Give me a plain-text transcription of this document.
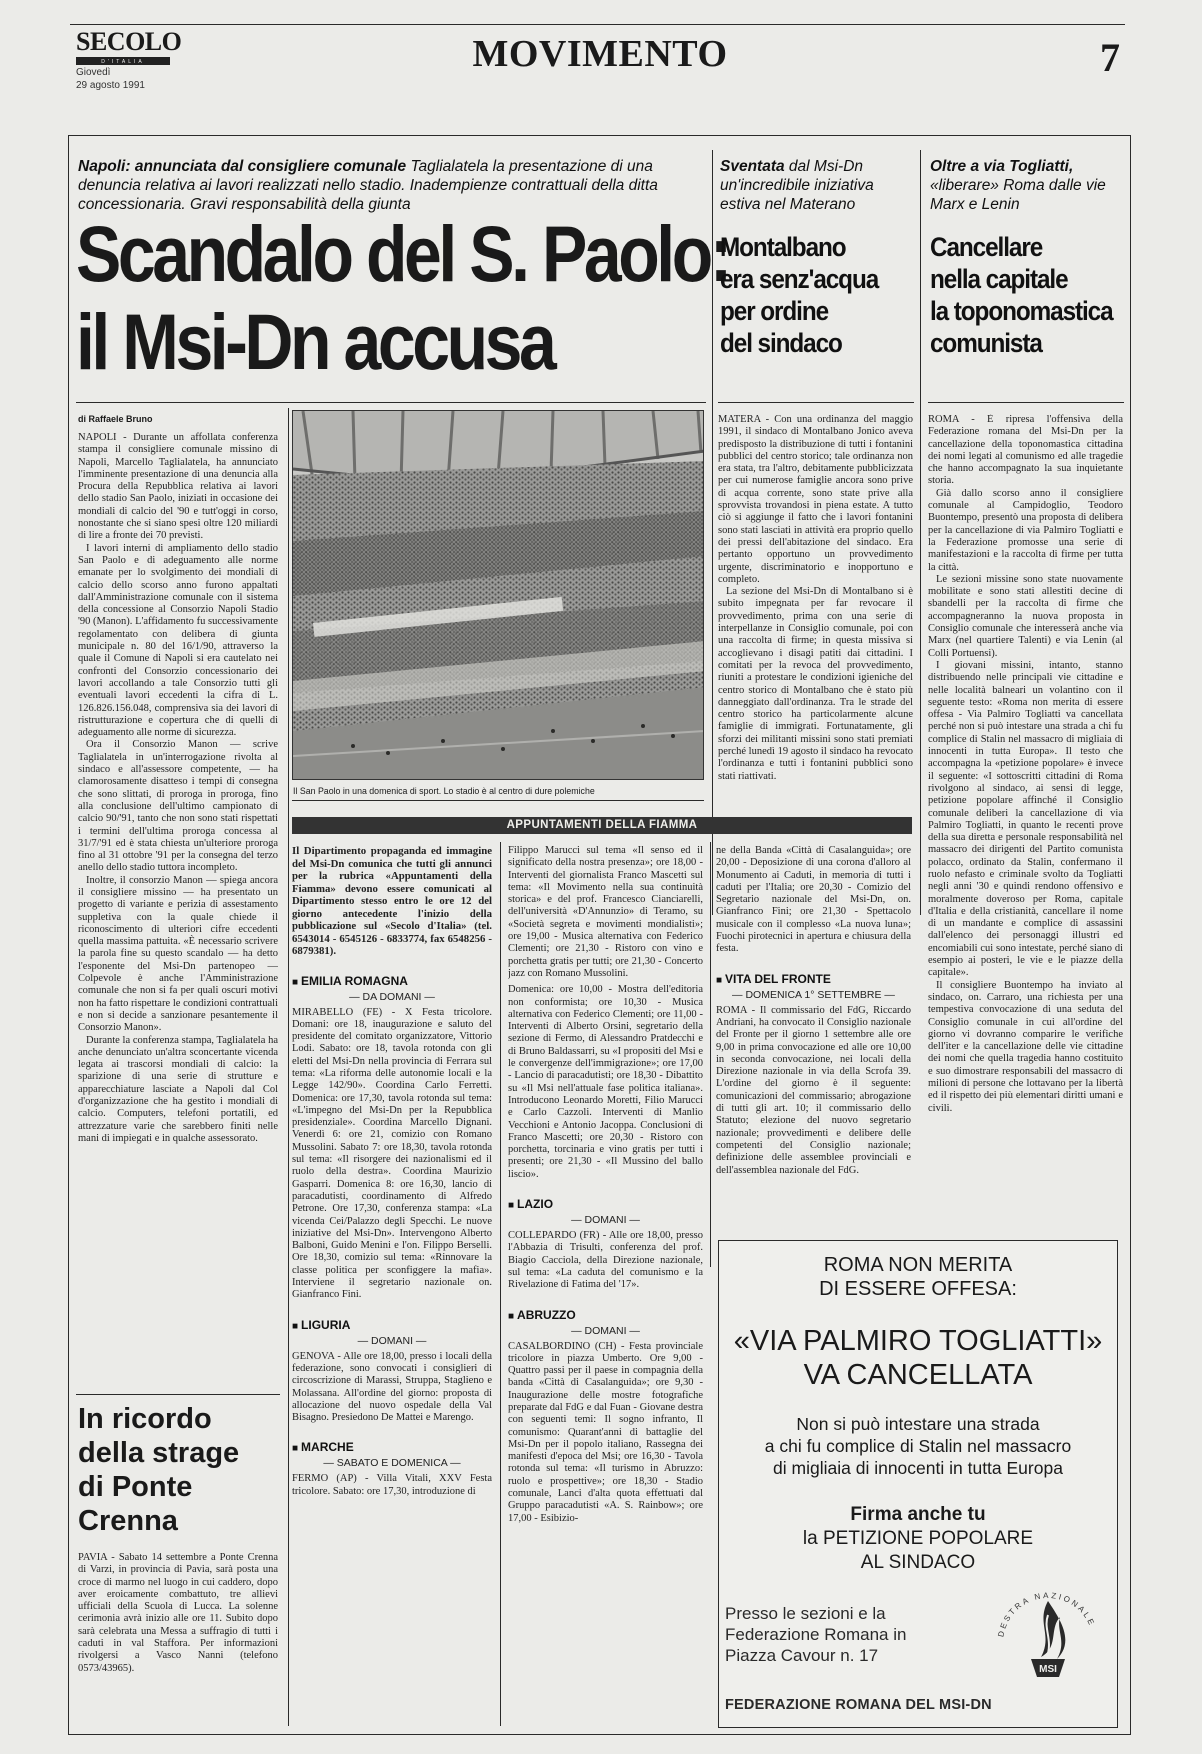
SECOLO
D'ITALIA
Giovedì
29 agosto 1991
MOVIMENTO	7
Napoli: annunciata dal consigliere comunale Taglialatela la presentazione di una denuncia relativa ai lavori realizzati nello stadio. Inadempienze contrattuali della ditta concessionaria. Gravi responsabilità della giunta
Scandalo del S. Paolo:
il Msi-Dn accusa
di Raffaele Bruno

NAPOLI - Durante un affollata conferenza stampa il consigliere comunale missino di Napoli, Marcello Taglialatela, ha annunciato l'imminente presentazione di una denuncia alla Procura della Repubblica relativa ai lavori dello stadio San Paolo, iniziati in occasione dei mondiali di calcio del '90 e tutt'oggi in corso, nonostante che si siano spesi oltre 120 miliardi di lire a fronte dei 70 previsti.

I lavori interni di ampliamento dello stadio San Paolo e di adeguamento alle norme emanate per lo svolgimento dei mondiali di calcio dello scorso anno furono appaltati dall'Amministrazione comunale con il sistema della concessione al Consorzio Napoli Stadio '90 (Manon). L'affidamento fu successivamente regolamentato con delibera di giunta municipale n. 80 del 16/1/90, attraverso la quale il Comune di Napoli si era cautelato nei confronti del Consorzio concessionario dei lavori accollando a tale Consorzio tutti gli eventuali lavori eccedenti la cifra di L. 126.826.156.048, comprensiva sia dei lavori di ristrutturazione e copertura che di quelli di adeguamento alle norme di sicurezza.

Ora il Consorzio Manon — scrive Taglialatela in un'interrogazione rivolta al sindaco e all'assessore competente, — ha clamorosamente disatteso i tempi di consegna che sono slittati, di proroga in proroga, fino alla conclusione dell'ultimo campionato di calcio 90/'91, tanto che non sono stati rispettati i termini dell'ultima proroga concessa al 31/7/'91 ed è stata chiesta un'ulteriore proroga fino al 31 ottobre '91 per la consegna del terzo anello dello stadio tuttora incompleto.

Inoltre, il consorzio Manon — spiega ancora il consigliere missino — ha presentato un progetto di variante e perizia di assestamento suppletiva con la quale chiede il riconoscimento di ulteriori cifre eccedenti quella massima pattuita. «È necessario scrivere la parola fine su questo scandalo — ha detto l'esponente del Msi-Dn partenopeo — Colpevole è anche l'Amministrazione comunale che non si fa per quali oscuri motivi non ha fatto rispettare le condizioni contrattuali e non si decide a sanzionare pesantemente il Consorzio Manon».

Durante la conferenza stampa, Taglialatela ha anche denunciato un'altra sconcertante vicenda legata ai trascorsi mondiali di calcio: la sparizione di una serie di strutture e apparecchiature lasciate a Napoli dal Col d'organizzazione che ha gestito i mondiali di calcio. Computers, telefoni portatili, ed attrezzature varie che sarebbero finiti nelle mani di impiegati e in qualche assessorato.

Il San Paolo in una domenica di sport. Lo stadio è al centro di dure polemiche
Sventata dal Msi-Dn un'incredibile iniziativa estiva nel Materano
Montalbano
era senz'acqua
per ordine
del sindaco

MATERA - Con una ordinanza del maggio 1991, il sindaco di Montalbano Jonico aveva predisposto la distribuzione di tutti i fontanini pubblici del centro storico; tale ordinanza non era stata, tra l'altro, debitamente pubblicizzata per cui numerose famiglie ancora sono prive di acqua corrente, sono state prive alla sprovvista trovandosi in piena estate. A tutto ciò si aggiunge il fatto che i lavori fontanini sono stati lasciati in attività era proprio quello dei pressi dell'abitazione del sindaco. Era pertanto opportuno un provvedimento urgente, discriminatorio e inopportuno e completo.

La sezione del Msi-Dn di Montalbano si è subito impegnata per far revocare il provvedimento, prima con una serie di interpellanze in Consiglio comunale, poi con una raccolta di firme; in questa missiva si accoglievano i disagi patiti dai cittadini. I comitati per la revoca del provvedimento, riuniti a protestare le condizioni igieniche del centro storico di Montalbano che è stato più danneggiato dall'ordinanza. Tra le strade del centro storico ha particolarmente alcune famiglie di immigrati. Fortunatamente, gli sforzi dei militanti missini sono stati premiati perché lunedì 19 agosto il sindaco ha revocato l'ordinanza e tutti i fontanini pubblici sono stati riattivati.

Oltre a via Togliatti, «liberare» Roma dalle vie Marx e Lenin
Cancellare
nella capitale
la toponomastica
comunista

ROMA - È ripresa l'offensiva della Federazione romana del Msi-Dn per la cancellazione della toponomastica cittadina dei nomi legati al comunismo ed alle tragedie che hanno accompagnato la sua inquietante storia.

Già dallo scorso anno il consigliere comunale al Campidoglio, Teodoro Buontempo, presentò una proposta di delibera per la cancellazione di via Palmiro Togliatti e la Federazione promosse una serie di manifestazioni e la raccolta di firme per tutta la città.

Le sezioni missine sono state nuovamente mobilitate e sono stati allestiti decine di sbandelli per la raccolta di firme che accompagneranno la nuova proposta in Consiglio comunale che interesserà anche via Marx (nel quartiere Talenti) e via Lenin (al Colli Portuensi).

I giovani missini, intanto, stanno distribuendo nelle principali vie cittadine e nelle località balneari un volantino con il seguente testo: «Roma non merita di essere offesa - Via Palmiro Togliatti va cancellata perché non si può intestare una strada a chi fu complice di Stalin nel massacro di migliaia di innocenti in tutta Europa». Il testo che accompagna la «petizione popolare» è invece il seguente: «I sottoscritti cittadini di Roma rivolgono al sindaco, ai sensi di legge, petizione popolare affinché il Consiglio comunale deliberi la cancellazione di via Palmiro Togliatti, in quanto le recenti prove della sua diretta e personale responsabilità nel massacro dei dirigenti del Partito comunista polacco, ordinato da Stalin, confermano il ruolo nefasto e criminale svolto da Togliatti negli anni '30 e quindi rendono offensivo e moralmente doveroso per Roma, capitale d'Italia e della cristianità, cancellare il nome di un mandante e complice di assassini dall'elenco dei personaggi illustri ed encomiabili cui sono intestate, perché siano di esempio ai posteri, le vie e le piazze della capitale».

Il consigliere Buontempo ha inviato al sindaco, on. Carraro, una richiesta per una tempestiva convocazione di una seduta del Consiglio comunale in cui all'ordine del giorno vi dovranno comparire le verifiche dell'iter e la cancellazione delle vie cittadine dei nomi che quella tragedia hanno costituito e suo dimostrare responsabili del massacro di milioni di persone che lottavano per la libertà ed il rispetto dei più elementari diritti umani e civili.

APPUNTAMENTI DELLA FIAMMA
Il Dipartimento propaganda ed immagine del Msi-Dn comunica che tutti gli annunci per la rubrica «Appuntamenti della Fiamma» devono essere comunicati al Dipartimento stesso entro le ore 12 del giorno antecedente l'inizio della pubblicazione sul «Secolo d'Italia» (tel. 6543014 - 6545126 - 6833774, fax 6548256 - 6879381).
■ EMILIA ROMAGNA
— DA DOMANI —
MIRABELLO (FE) - X Festa tricolore. Domani: ore 18, inaugurazione e saluto del presidente del comitato organizzatore, Vittorio Lodi. Sabato: ore 18, tavola rotonda con gli eletti del Msi-Dn nella provincia di Ferrara sul tema: «La riforma delle autonomie locali e la Legge 142/90». Coordina Carlo Ferretti. Domenica: ore 17,30, tavola rotonda sul tema: «L'impegno del Msi-Dn per la Repubblica presidenziale». Coordina Marcello Dignani. Venerdì 6: ore 21, comizio con Romano Mussolini. Sabato 7: ore 18,30, tavola rotonda sul tema: «Il risorgere dei nazionalismi ed il ruolo della destra». Coordina Maurizio Gasparri. Domenica 8: ore 16,30, lancio di paracadutisti, coordinamento di Alfredo Petrone. Ore 17,30, conferenza stampa: «La vicenda Cei/Palazzo degli Specchi. Le nuove iniziative del Msi-Dn». Intervengono Alberto Balboni, Guido Menini e l'on. Filippo Berselli. Ore 18,30, comizio sul tema: «Rinnovare la classe politica per sconfiggere la mafia». Interviene il segretario nazionale on. Gianfranco Fini.
■ LIGURIA
— DOMANI —
GENOVA - Alle ore 18,00, presso i locali della federazione, sono convocati i consiglieri di circoscrizione di Marassi, Struppa, Staglieno e Molassana. All'ordine del giorno: proposta di allocazione del nuovo ospedale della Val Bisagno. Presiedono De Mattei e Marengo.
■ MARCHE
— SABATO E DOMENICA —
FERMO (AP) - Villa Vitali, XXV Festa tricolore. Sabato: ore 17,30, introduzione di
Filippo Marucci sul tema «Il senso ed il significato della nostra presenza»; ore 18,00 - Interventi del giornalista Franco Mascetti sul tema: «Il Movimento nella sua continuità storica» e del prof. Francesco Cianciarelli, dell'università «D'Annunzio» di Teramo, su «Società segreta e movimenti mondialisti»; ore 19,00 - Musica alternativa con Federico Clementi; ore 21,30 - Ristoro con vino e porchetta gratis per tutti; ore 21,30 - Concerto jazz con Romano Mussolini.
Domenica: ore 10,00 - Mostra dell'editoria non conformista; ore 10,30 - Musica alternativa con Federico Clementi; ore 11,00 - Interventi di Alberto Orsini, segretario della sezione di Fermo, di Alessandro Pratdecchi e di Bruno Baldassarri, su «I propositi del Msi e le convergenze dell'immigrazione»; ore 17,00 - Lancio di paracadutisti; ore 18,30 - Dibattito su «Il Msi nell'attuale fase politica italiana». Introducono Leonardo Moretti, Filio Marucci e Carlo Cazzoli. Interventi di Manlio Vecchioni e Antonio Jacoppa. Conclusioni di Franco Mascetti; ore 20,30 - Ristoro con porchetta, torcinaria e vino gratis per tutti i presenti; ore 21,30 - «Il Mussino del ballo liscio».
■ LAZIO
— DOMANI —
COLLEPARDO (FR) - Alle ore 18,00, presso l'Abbazia di Trisulti, conferenza del prof. Biagio Cacciola, della Direzione nazionale, sul tema: «La caduta del comunismo e la Rivelazione di Fatima del '17».
■ ABRUZZO
— DOMANI —
CASALBORDINO (CH) - Festa provinciale tricolore in piazza Umberto. Ore 9,00 - Quattro passi per il paese in compagnia della banda «Città di Casalanguida»; ore 9,30 - Inaugurazione delle mostre fotografiche preparate dal FdG e dal Fuan - Giovane destra con seguenti temi: Il sogno infranto, Il comunismo: Quarant'anni di battaglie del Msi-Dn per il popolo italiano, Rassegna dei manifesti d'epoca del Msi; ore 16,30 - Tavola rotonda sul tema: «Il turismo in Abruzzo: ruolo e prospettive»; ore 18,30 - Stadio comunale, Lanci d'alta quota effettuati dal Gruppo paracadutisti «A. S. Rainbow»; ore 17,00 - Esibizio-
ne della Banda «Città di Casalanguida»; ore 20,00 - Deposizione di una corona d'alloro al Monumento ai Caduti, in memoria di tutti i caduti per l'Italia; ore 20,30 - Comizio del Segretario nazionale del Msi-Dn, on. Gianfranco Fini; ore 21,30 - Spettacolo musicale con il complesso «La nuova luna»; Fuochi pirotecnici in apertura e chiusura della festa.
■ VITA DEL FRONTE
— DOMENICA 1° SETTEMBRE —
ROMA - Il commissario del FdG, Riccardo Andriani, ha convocato il Consiglio nazionale del Fronte per il giorno 1 settembre alle ore 9,00 in prima convocazione ed alle ore 10,00 in seconda convocazione, nei locali della Direzione nazionale in via della Scrofa 39. L'ordine del giorno è il seguente: comunicazioni del commissario; abrogazione di tutti gli art. 10; il commissario dello Statuto; elezione del nuovo segretario nazionale; provvedimenti e delibere delle competenti del Consiglio nazionale; definizione delle assemblee provinciali e dell'assemblea nazionale del FdG.
In ricordo
della strage
di Ponte
Crenna
PAVIA - Sabato 14 settembre a Ponte Crenna di Varzi, in provincia di Pavia, sarà posta una croce di marmo nel luogo in cui caddero, dopo aver eroicamente combattuto, tre allievi ufficiali della Scuola di Lucca. La solenne cerimonia avrà inizio alle ore 11. Subito dopo sarà celebrata una Messa a suffragio di tutti i caduti in val Staffora. Per informazioni rivolgersi a Vasco Nanni (telefono 0573/43965).
ROMA NON MERITA
DI ESSERE OFFESA:
«VIA PALMIRO TOGLIATTI»
VA CANCELLATA
Non si può intestare una strada
a chi fu complice di Stalin nel massacro
di migliaia di innocenti in tutta Europa
Firma anche tu
la PETIZIONE POPOLARE
AL SINDACO
Presso le sezioni e la
Federazione Romana in
Piazza Cavour n. 17
DESTRA NAZIONALE
MSI
FEDERAZIONE ROMANA DEL MSI-DN
